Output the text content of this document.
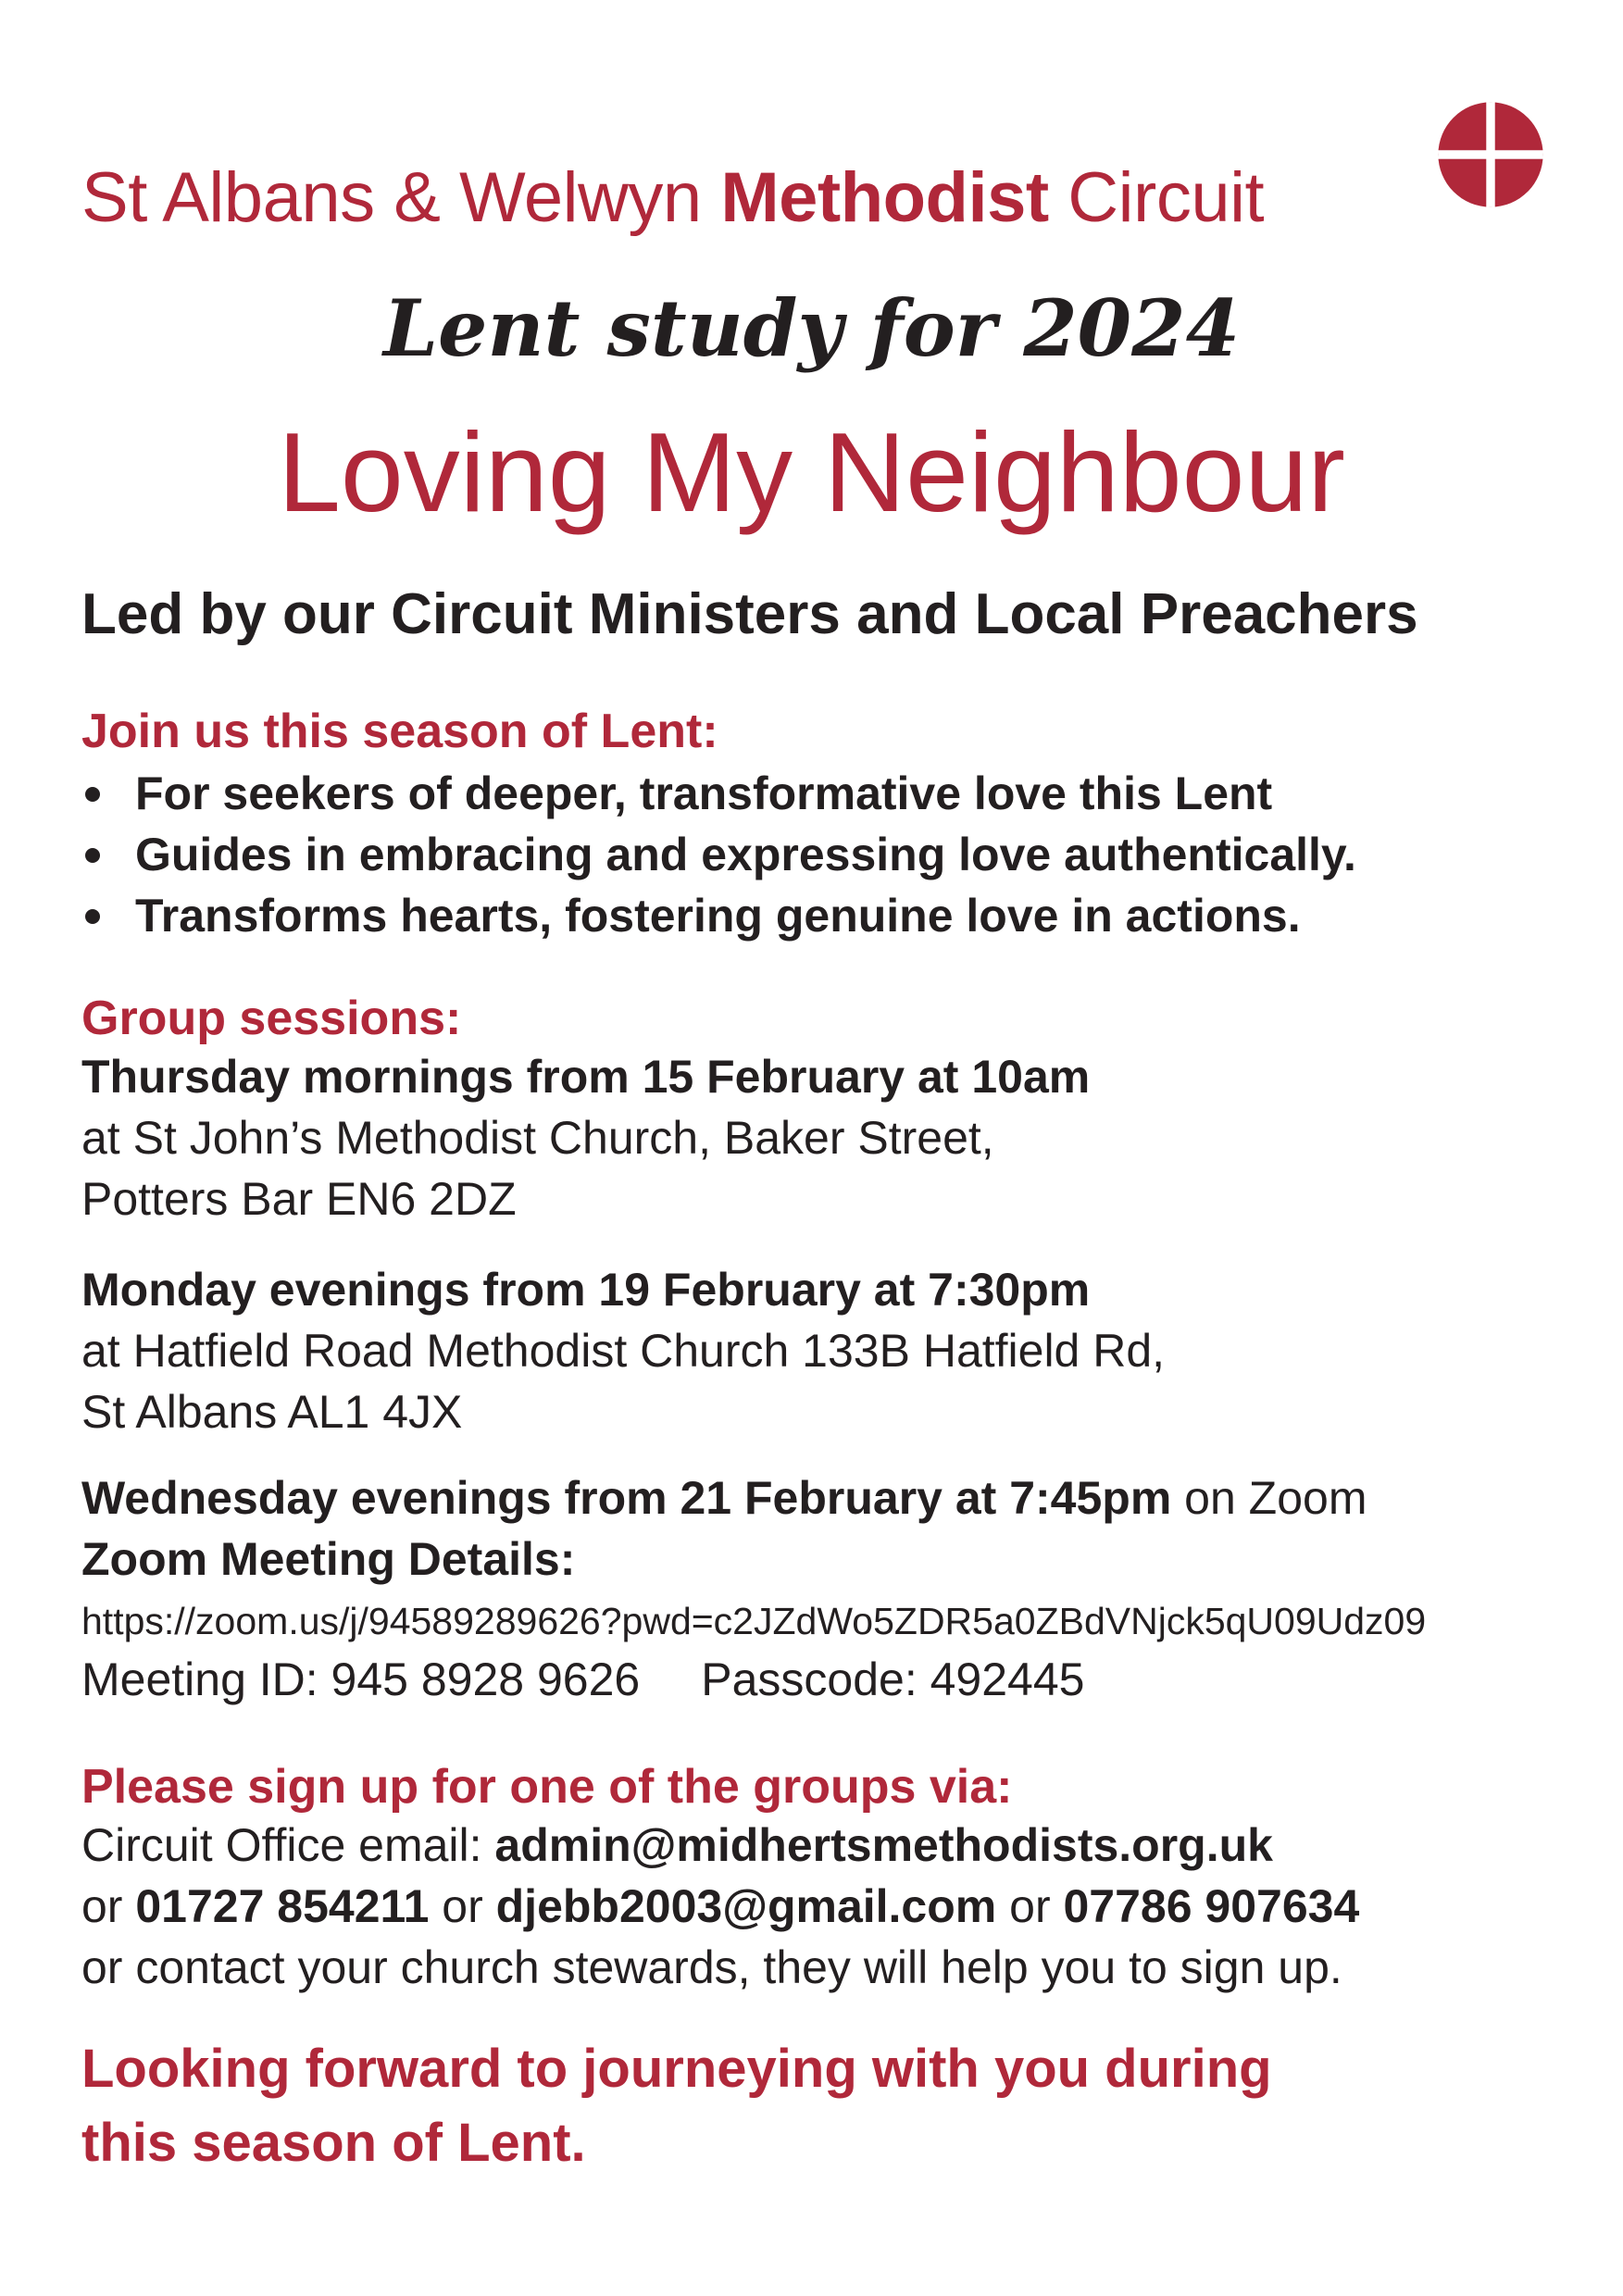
St Albans & Welwyn Methodist Circuit
Lent study for 2024
Loving My Neighbour
Led by our Circuit Ministers and Local Preachers
Join us this season of Lent:
For seekers of deeper, transformative love this Lent
Guides in embracing and expressing love authentically.
Transforms hearts, fostering genuine love in actions.
Group sessions:
Thursday mornings from 15 February at 10am
at St John’s Methodist Church, Baker Street,
Potters Bar EN6 2DZ
Monday evenings from 19 February at 7:30pm
at Hatfield Road Methodist Church 133B Hatfield Rd,
St Albans AL1 4JX
Wednesday evenings from 21 February at 7:45pm on Zoom
Zoom Meeting Details:
https://zoom.us/j/94589289626?pwd=c2JZdWo5ZDR5a0ZBdVNjck5qU09Udz09
Meeting ID: 945 8928 9626 Passcode: 492445
Please sign up for one of the groups via:
Circuit Office email: admin@midhertsmethodists.org.uk
or 01727 854211 or djebb2003@gmail.com or 07786 907634
or contact your church stewards, they will help you to sign up.
Looking forward to journeying with you during
this season of Lent.
